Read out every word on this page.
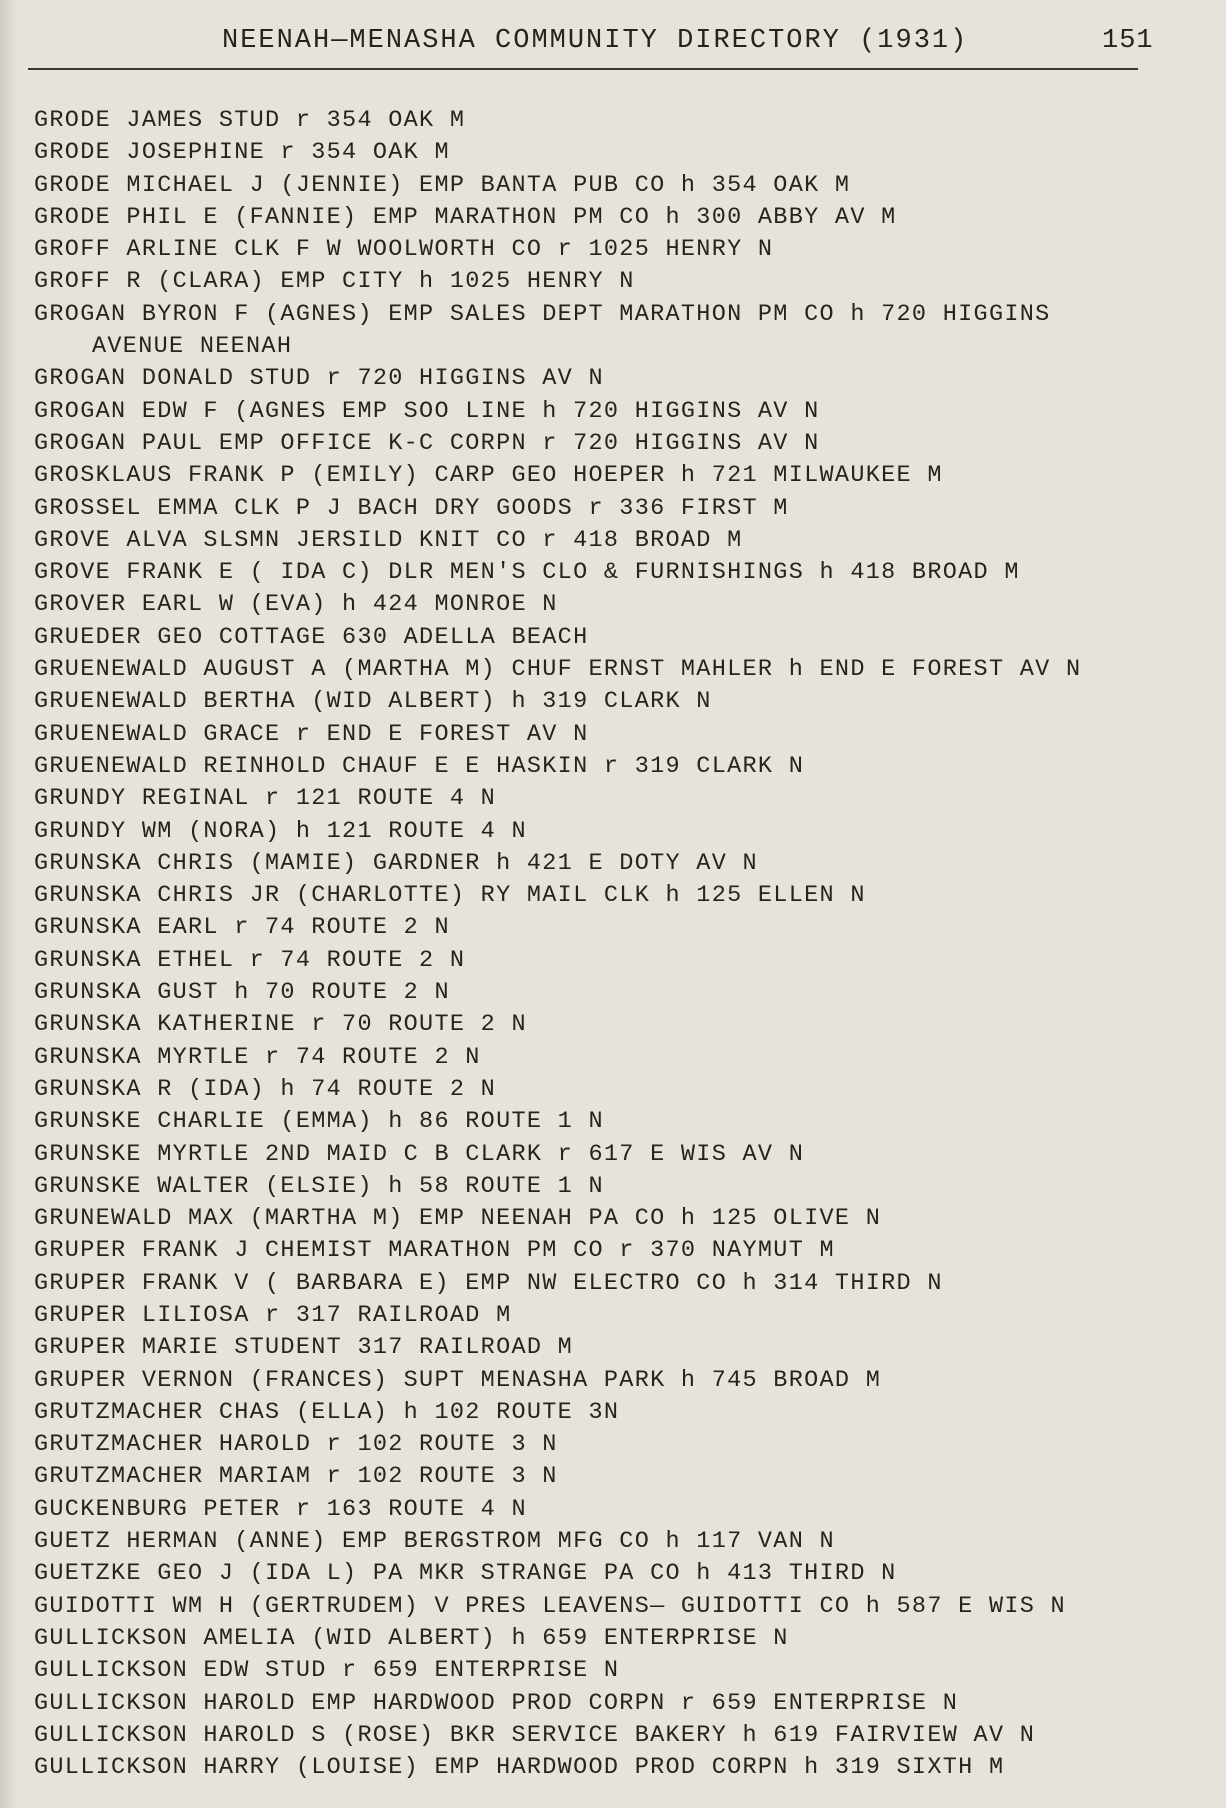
NEENAH—MENASHA COMMUNITY DIRECTORY (1931)	151
GRODE JAMES STUD r 354 OAK M
GRODE JOSEPHINE r 354 OAK M
GRODE MICHAEL J (JENNIE) EMP BANTA PUB CO h 354 OAK M
GRODE PHIL E (FANNIE) EMP MARATHON PM CO h 300 ABBY AV M
GROFF ARLINE CLK F W WOOLWORTH CO r 1025 HENRY N
GROFF R (CLARA) EMP CITY h 1025 HENRY N
GROGAN BYRON F (AGNES) EMP SALES DEPT MARATHON PM CO h 720 HIGGINS
AVENUE NEENAH
GROGAN DONALD STUD r 720 HIGGINS AV N
GROGAN EDW F (AGNES EMP SOO LINE h 720 HIGGINS AV N
GROGAN PAUL EMP OFFICE K-C CORPN r 720 HIGGINS AV N
GROSKLAUS FRANK P (EMILY) CARP GEO HOEPER h 721 MILWAUKEE M
GROSSEL EMMA CLK P J BACH DRY GOODS r 336 FIRST M
GROVE ALVA SLSMN JERSILD KNIT CO r 418 BROAD M
GROVE FRANK E ( IDA C) DLR MEN'S CLO & FURNISHINGS h 418 BROAD M
GROVER EARL W (EVA) h 424 MONROE N
GRUEDER GEO COTTAGE 630 ADELLA BEACH
GRUENEWALD AUGUST A (MARTHA M) CHUF ERNST MAHLER h END E FOREST AV N
GRUENEWALD BERTHA (WID ALBERT) h 319 CLARK N
GRUENEWALD GRACE r END E FOREST AV N
GRUENEWALD REINHOLD CHAUF E E HASKIN r 319 CLARK N
GRUNDY REGINAL r 121 ROUTE 4 N
GRUNDY WM (NORA) h 121 ROUTE 4 N
GRUNSKA CHRIS (MAMIE) GARDNER h 421 E DOTY AV N
GRUNSKA CHRIS JR (CHARLOTTE) RY MAIL CLK h 125 ELLEN N
GRUNSKA EARL r 74 ROUTE 2 N
GRUNSKA ETHEL r 74 ROUTE 2 N
GRUNSKA GUST h 70 ROUTE 2 N
GRUNSKA KATHERINE r 70 ROUTE 2 N
GRUNSKA MYRTLE r 74 ROUTE 2 N
GRUNSKA R (IDA) h 74 ROUTE 2 N
GRUNSKE CHARLIE (EMMA) h 86 ROUTE 1 N
GRUNSKE MYRTLE 2ND MAID C B CLARK r 617 E WIS AV N
GRUNSKE WALTER (ELSIE) h 58 ROUTE 1 N
GRUNEWALD MAX (MARTHA M) EMP NEENAH PA CO h 125 OLIVE N
GRUPER FRANK J CHEMIST MARATHON PM CO r 370 NAYMUT M
GRUPER FRANK V ( BARBARA E) EMP NW ELECTRO CO h 314 THIRD N
GRUPER LILIOSA r 317 RAILROAD M
GRUPER MARIE STUDENT 317 RAILROAD M
GRUPER VERNON (FRANCES) SUPT MENASHA PARK h 745 BROAD M
GRUTZMACHER CHAS (ELLA) h 102 ROUTE 3N
GRUTZMACHER HAROLD r 102 ROUTE 3 N
GRUTZMACHER MARIAM r 102 ROUTE 3 N
GUCKENBURG PETER r 163 ROUTE 4 N
GUETZ HERMAN (ANNE) EMP BERGSTROM MFG CO h 117 VAN N
GUETZKE GEO J (IDA L) PA MKR STRANGE PA CO h 413 THIRD N
GUIDOTTI WM H (GERTRUDEM) V PRES LEAVENS— GUIDOTTI CO h 587 E WIS N
GULLICKSON AMELIA (WID ALBERT) h 659 ENTERPRISE N
GULLICKSON EDW STUD r 659 ENTERPRISE N
GULLICKSON HAROLD EMP HARDWOOD PROD CORPN r 659 ENTERPRISE N
GULLICKSON HAROLD S (ROSE) BKR SERVICE BAKERY h 619 FAIRVIEW AV N
GULLICKSON HARRY (LOUISE) EMP HARDWOOD PROD CORPN h 319 SIXTH M
